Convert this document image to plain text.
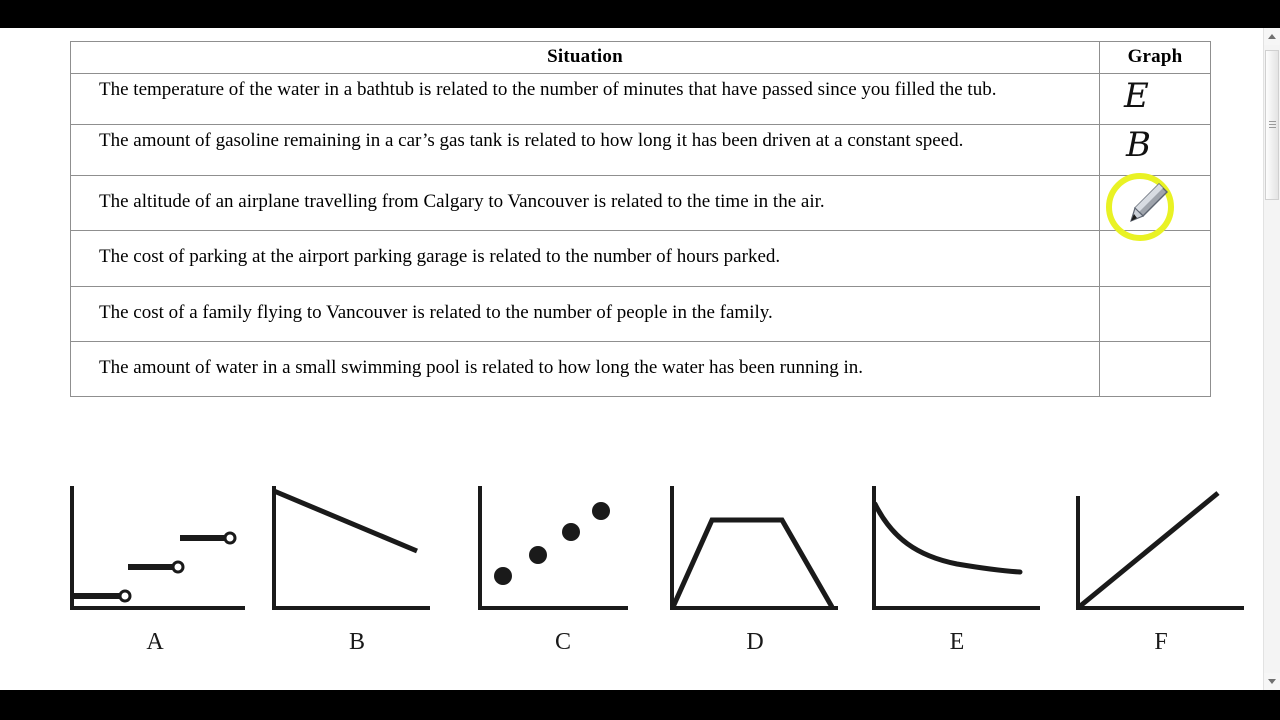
Situation	Graph
The temperature of the water in a bathtub is related to the number of minutes that have passed since you filled the tub.	E

The amount of gasoline remaining in a car’s gas tank is related to how long it has been driven at a constant speed.	B

The altitude of an airplane travelling from Calgary to Vancouver is related to the time in the air.	

The cost of parking at the airport parking garage is related to the number of hours parked.	

The cost of a family flying to Vancouver is related to the number of people in the family.	

The amount of water in a small swimming pool is related to how long the water has been running in.	
A	B	C	D	E	F
